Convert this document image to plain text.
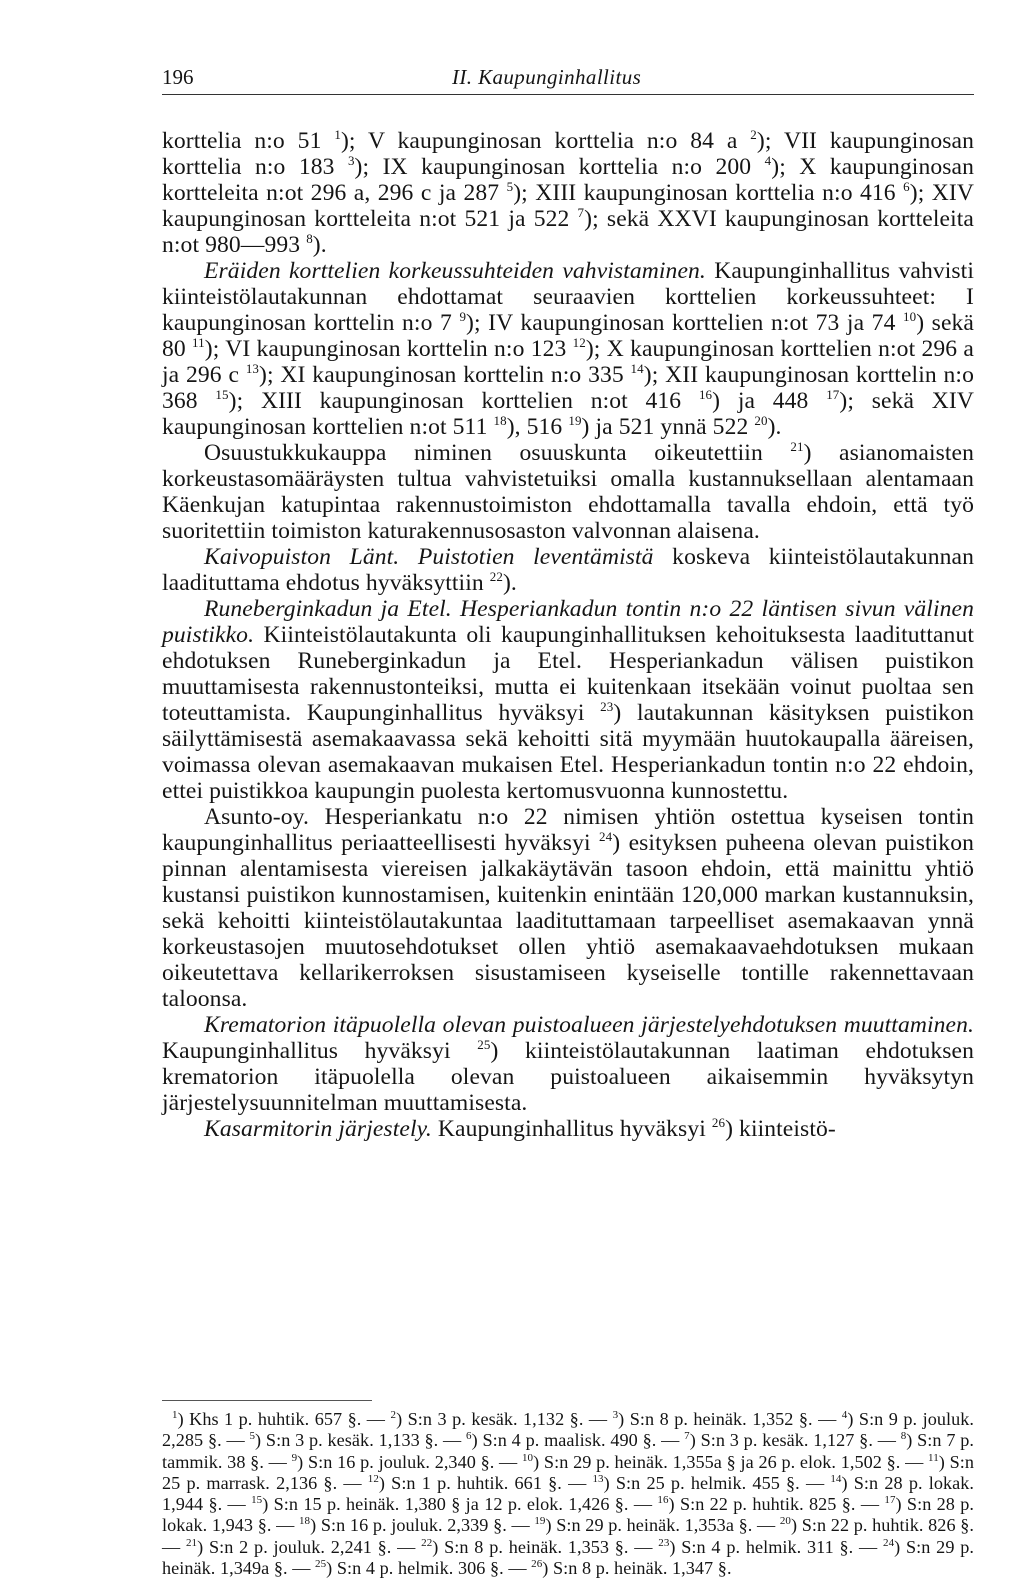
196	II. Kaupunginhallitus

korttelia n:o 51 $^1$); V kaupunginosan korttelia n:o 84 a $^2$); VII kaupunginosan korttelia n:o 183 $^3$); IX kaupunginosan korttelia n:o 200 $^4$); X kaupunginosan kortteleita n:ot 296 a, 296 c ja 287 $^5$); XIII kaupunginosan korttelia n:o 416 $^6$); XIV kaupunginosan kortteleita n:ot 521 ja 522 $^7$); sekä XXVI kaupunginosan kortteleita n:ot 980—993 $^8$).

Eräiden korttelien korkeussuhteiden vahvistaminen. Kaupunginhallitus vahvisti kiinteistölautakunnan ehdottamat seuraavien korttelien korkeussuhteet: I kaupunginosan korttelin n:o 7 $^9$); IV kaupunginosan korttelien n:ot 73 ja 74 $^{10}$) sekä 80 $^{11}$); VI kaupunginosan korttelin n:o 123 $^{12}$); X kaupunginosan korttelien n:ot 296 a ja 296 c $^{13}$); XI kaupunginosan korttelin n:o 335 $^{14}$); XII kaupunginosan korttelin n:o 368 $^{15}$); XIII kaupunginosan korttelien n:ot 416 $^{16}$) ja 448 $^{17}$); sekä XIV kaupunginosan korttelien n:ot 511 $^{18}$), 516 $^{19}$) ja 521 ynnä 522 $^{20}$).

Osuustukkukauppa niminen osuuskunta oikeutettiin $^{21}$) asianomaisten korkeustasomääräysten tultua vahvistetuiksi omalla kustannuksellaan alentamaan Käenkujan katupintaa rakennustoimiston ehdottamalla tavalla ehdoin, että työ suoritettiin toimiston katurakennusosaston valvonnan alaisena.

Kaivopuiston Länt. Puistotien leventämistä koskeva kiinteistölautakunnan laadituttama ehdotus hyväksyttiin $^{22}$).

Runeberginkadun ja Etel. Hesperiankadun tontin n:o 22 läntisen sivun välinen puistikko. Kiinteistölautakunta oli kaupunginhallituksen kehoituksesta laadituttanut ehdotuksen Runeberginkadun ja Etel. Hesperiankadun välisen puistikon muuttamisesta rakennustonteiksi, mutta ei kuitenkaan itsekään voinut puoltaa sen toteuttamista. Kaupunginhallitus hyväksyi $^{23}$) lautakunnan käsityksen puistikon säilyttämisestä asemakaavassa sekä kehoitti sitä myymään huutokaupalla ääreisen, voimassa olevan asemakaavan mukaisen Etel. Hesperiankadun tontin n:o 22 ehdoin, ettei puistikkoa kaupungin puolesta kertomusvuonna kunnostettu.

Asunto-oy. Hesperiankatu n:o 22 nimisen yhtiön ostettua kyseisen tontin kaupunginhallitus periaatteellisesti hyväksyi $^{24}$) esityksen puheena olevan puistikon pinnan alentamisesta viereisen jalkakäytävän tasoon ehdoin, että mainittu yhtiö kustansi puistikon kunnostamisen, kuitenkin enintään 120,000 markan kustannuksin, sekä kehoitti kiinteistölautakuntaa laadituttamaan tarpeelliset asemakaavan ynnä korkeustasojen muutosehdotukset ollen yhtiö asemakaavaehdotuksen mukaan oikeutettava kellarikerroksen sisustamiseen kyseiselle tontille rakennettavaan taloonsa.

Krematorion itäpuolella olevan puistoalueen järjestelyehdotuksen muuttaminen. Kaupunginhallitus hyväksyi $^{25}$) kiinteistölautakunnan laatiman ehdotuksen krematorion itäpuolella olevan puistoalueen aikaisemmin hyväksytyn järjestelysuunnitelman muuttamisesta.

Kasarmitorin järjestely. Kaupunginhallitus hyväksyi $^{26}$) kiinteistö-

$^1$) Khs 1 p. huhtik. 657 §. — $^2$) S:n 3 p. kesäk. 1,132 §. — $^3$) S:n 8 p. heinäk. 1,352 §. — $^4$) S:n 9 p. jouluk. 2,285 §. — $^5$) S:n 3 p. kesäk. 1,133 §. — $^6$) S:n 4 p. maalisk. 490 §. — $^7$) S:n 3 p. kesäk. 1,127 §. — $^8$) S:n 7 p. tammik. 38 §. — $^9$) S:n 16 p. jouluk. 2,340 §. — $^{10}$) S:n 29 p. heinäk. 1,355a § ja 26 p. elok. 1,502 §. — $^{11}$) S:n 25 p. marrask. 2,136 §. — $^{12}$) S:n 1 p. huhtik. 661 §. — $^{13}$) S:n 25 p. helmik. 455 §. — $^{14}$) S:n 28 p. lokak. 1,944 §. — $^{15}$) S:n 15 p. heinäk. 1,380 § ja 12 p. elok. 1,426 §. — $^{16}$) S:n 22 p. huhtik. 825 §. — $^{17}$) S:n 28 p. lokak. 1,943 §. — $^{18}$) S:n 16 p. jouluk. 2,339 §. — $^{19}$) S:n 29 p. heinäk. 1,353a §. — $^{20}$) S:n 22 p. huhtik. 826 §. — $^{21}$) S:n 2 p. jouluk. 2,241 §. — $^{22}$) S:n 8 p. heinäk. 1,353 §. — $^{23}$) S:n 4 p. helmik. 311 §. — $^{24}$) S:n 29 p. heinäk. 1,349a §. — $^{25}$) S:n 4 p. helmik. 306 §. — $^{26}$) S:n 8 p. heinäk. 1,347 §.
